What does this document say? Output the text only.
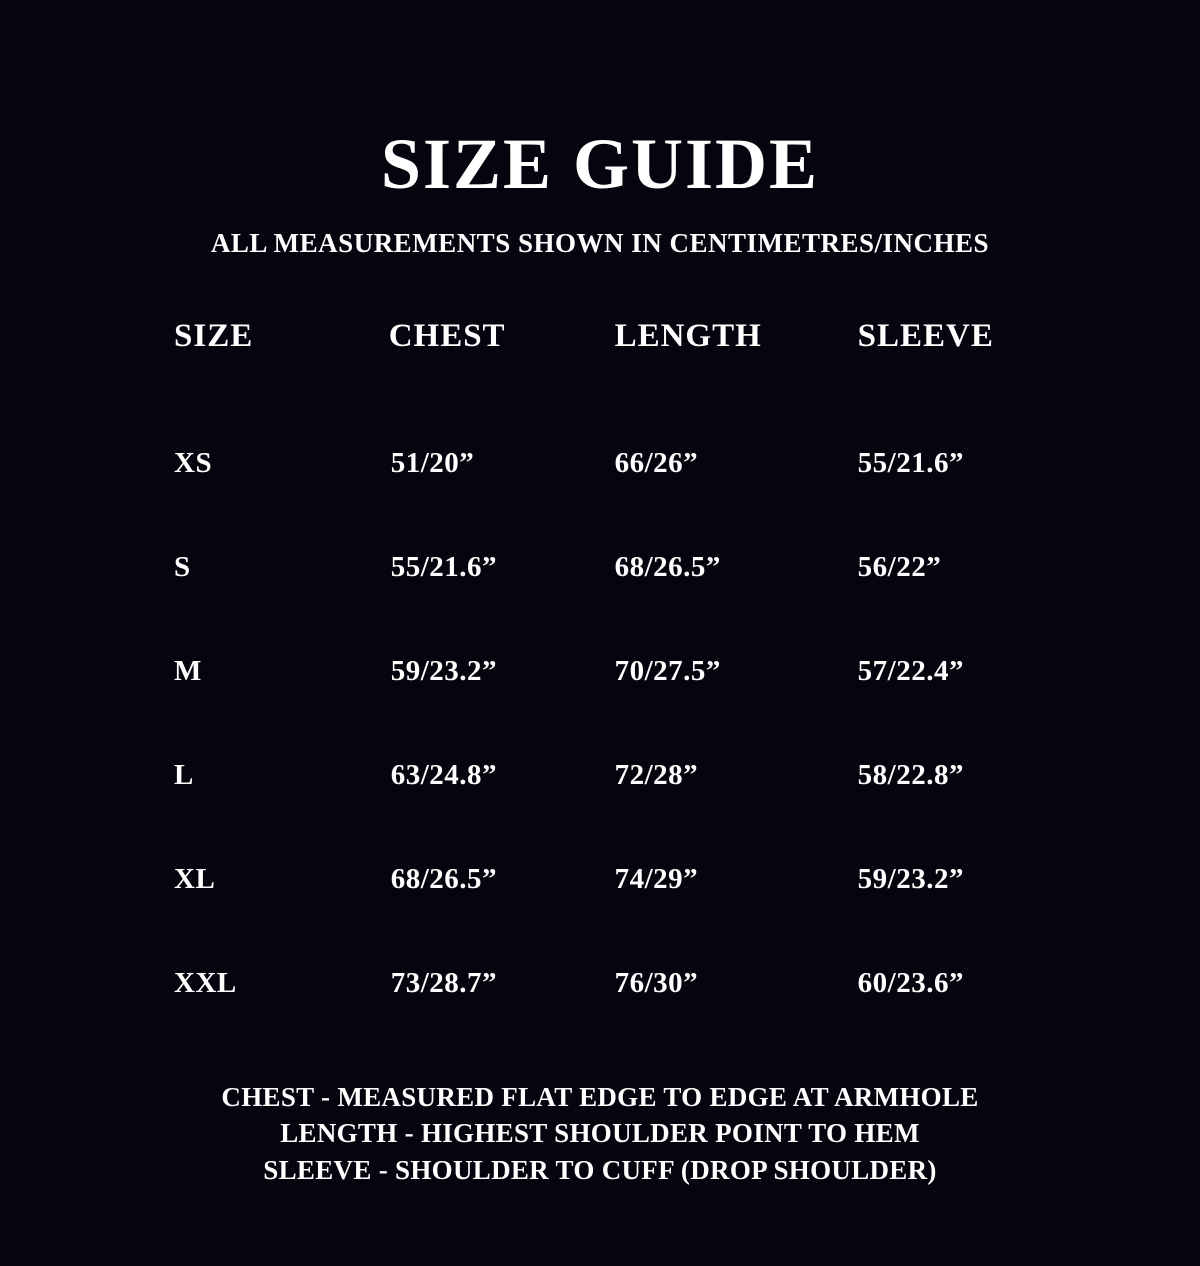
SIZE GUIDE

ALL MEASUREMENTS SHOWN IN CENTIMETRES/INCHES

SIZE	CHEST	LENGTH	SLEEVE
XS	51/20”	66/26”	55/21.6”
S	55/21.6”	68/26.5”	56/22”
M	59/23.2”	70/27.5”	57/22.4”
L	63/24.8”	72/28”	58/22.8”
XL	68/26.5”	74/29”	59/23.2”
XXL	73/28.7”	76/30”	60/23.6”
CHEST - MEASURED FLAT EDGE TO EDGE AT ARMHOLE
LENGTH - HIGHEST SHOULDER POINT TO HEM
SLEEVE - SHOULDER TO CUFF (DROP SHOULDER)
